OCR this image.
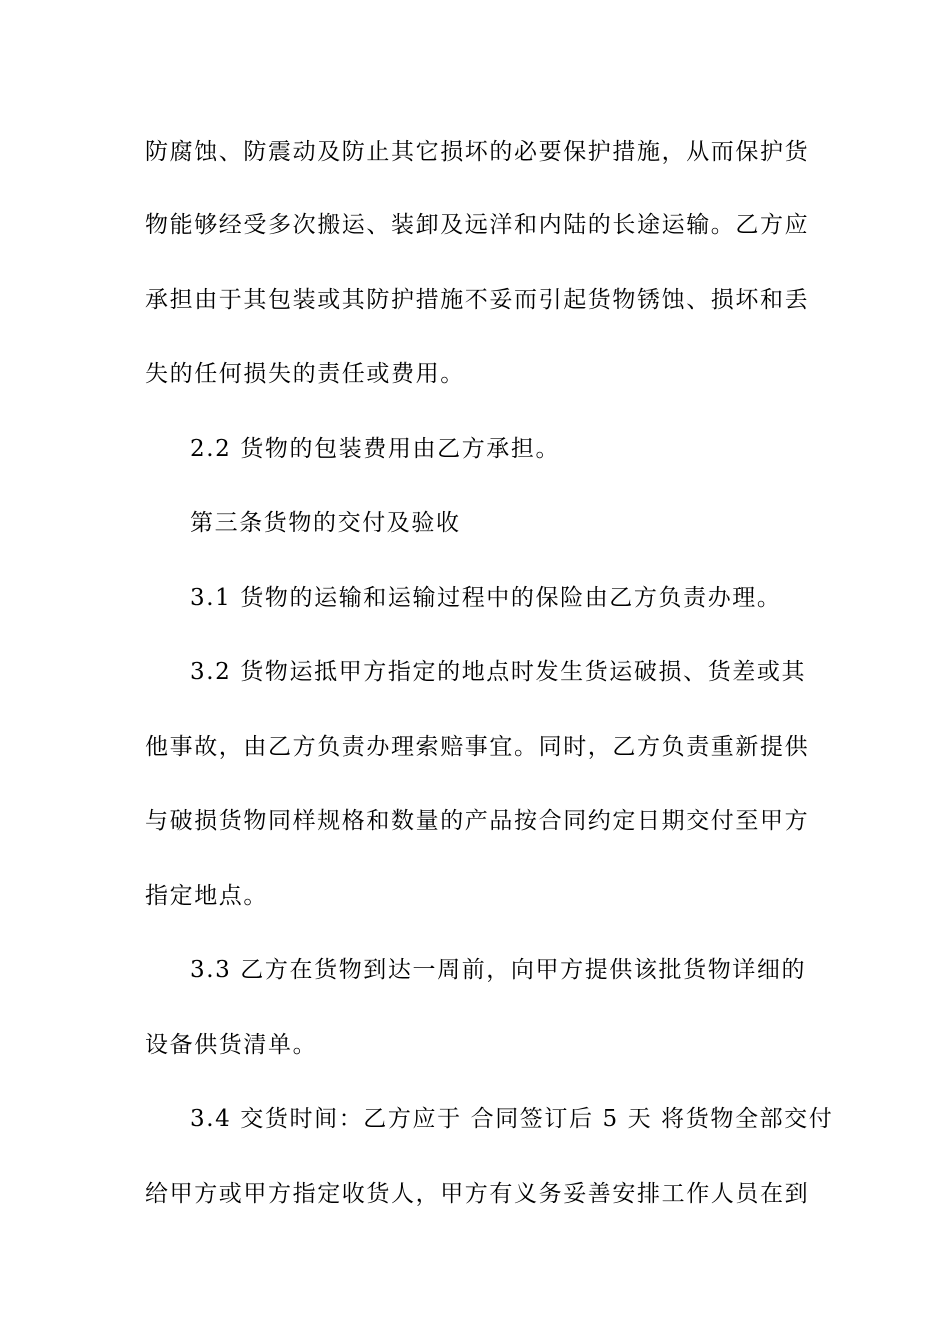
防腐蚀、防震动及防止其它损坏的必要保护措施，从而保护货
物能够经受多次搬运、装卸及远洋和内陆的长途运输。乙方应
承担由于其包装或其防护措施不妥而引起货物锈蚀、损坏和丢
失的任何损失的责任或费用。
2.2 货物的包装费用由乙方承担。
第三条货物的交付及验收
3.1 货物的运输和运输过程中的保险由乙方负责办理。
3.2 货物运抵甲方指定的地点时发生货运破损、货差或其
他事故，由乙方负责办理索赔事宜。同时，乙方负责重新提供
与破损货物同样规格和数量的产品按合同约定日期交付至甲方
指定地点。
3.3 乙方在货物到达一周前，向甲方提供该批货物详细的
设备供货清单。
3.4 交货时间：乙方应于 合同签订后 5 天 将货物全部交付
给甲方或甲方指定收货人，甲方有义务妥善安排工作人员在到
